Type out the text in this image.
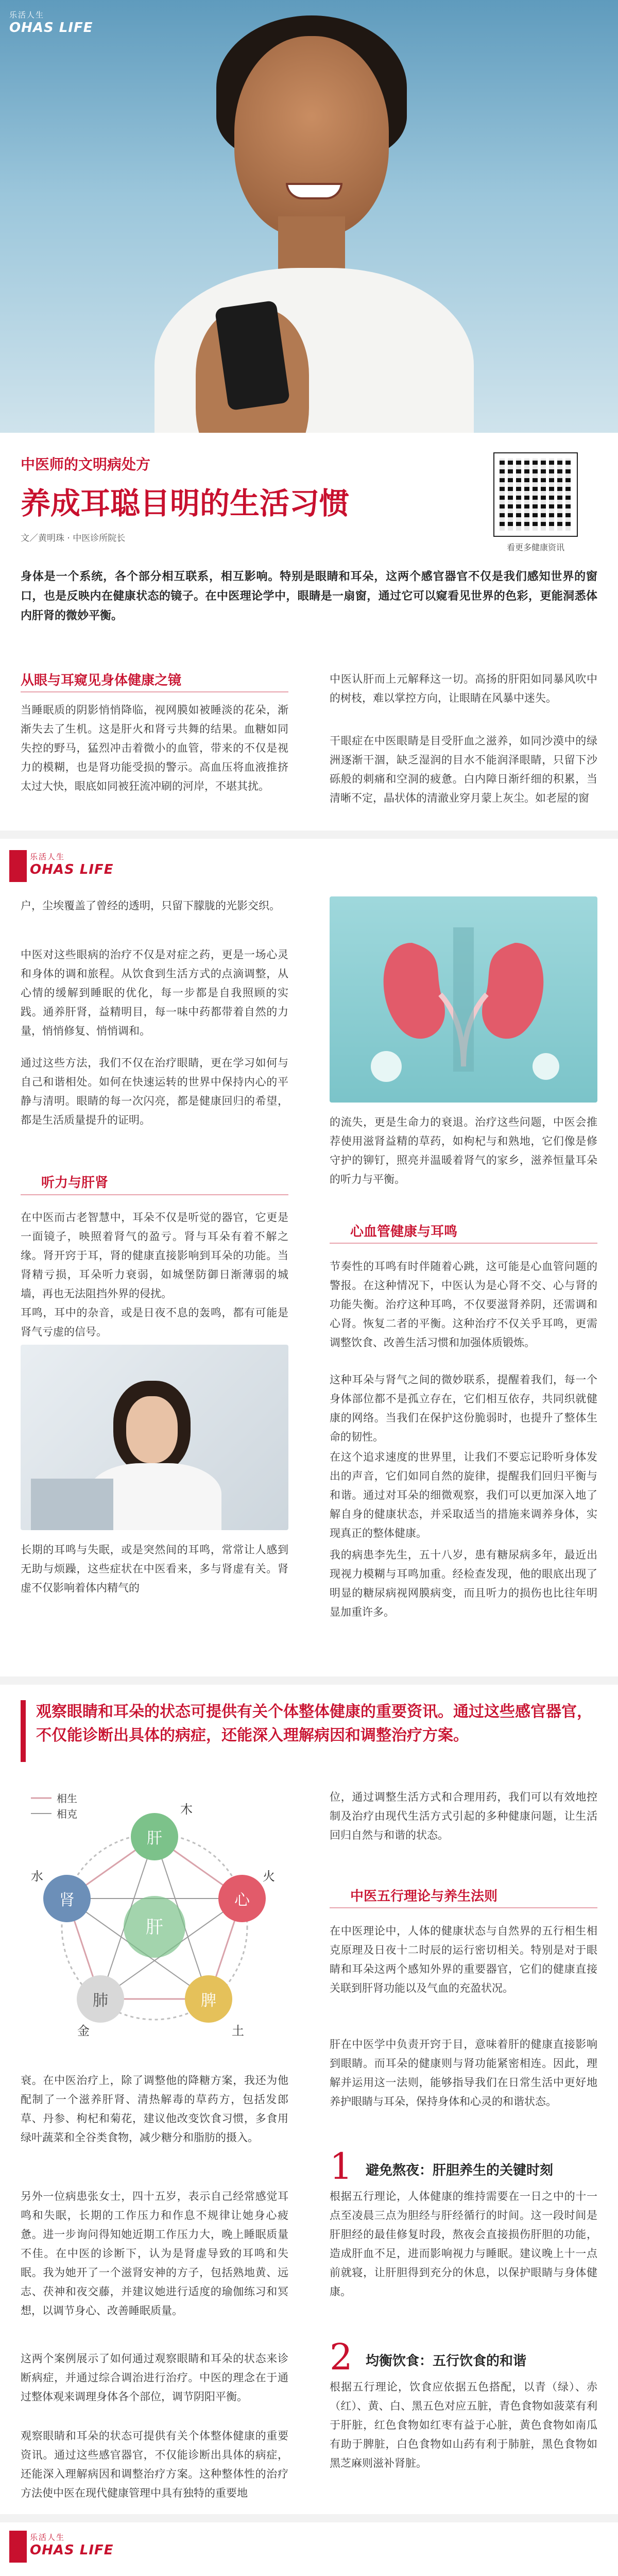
乐活人生
OHAS LIFE
中医师的文明病处方
养成耳聪目明的生活习惯
文／黄明珠 · 中医诊所院长
看更多健康资讯
身体是一个系统，各个部分相互联系，相互影响。特别是眼睛和耳朵，这两个感官器官不仅是我们感知世界的窗口，也是反映内在健康状态的镜子。在中医理论学中，眼睛是一扇窗，通过它可以窥看见世界的色彩，更能洞悉体内肝肾的微妙平衡。
从眼与耳窥见身体健康之镜
当睡眠质的阴影悄悄降临，视网膜如被睡淡的花朵，渐渐失去了生机。这是肝火和肾亏共舞的结果。血糖如同失控的野马，猛烈冲击着微小的血管，带来的不仅是视力的模糊，也是肾功能受损的警示。高血压将血液推挤太过大快，眼底如同被狂流冲刷的河岸，不堪其扰。
中医认肝而上元解释这一切。高扬的肝阳如同暴风吹中的树枝，难以掌控方向，让眼睛在风暴中迷失。
干眼症在中医眼睛是目受肝血之滋养，如同沙漠中的绿洲逐渐干涸，缺乏湿润的目水不能润泽眼睛，只留下沙砾般的刺痛和空洞的疲惫。白内障日渐纤细的积累，当清晰不定，晶状体的清澈业穿月蒙上灰尘。如老屋的窗
乐活人生
OHAS LIFE
户，尘埃覆盖了曾经的透明，只留下朦胧的光影交织。
中医对这些眼病的治疗不仅是对症之药，更是一场心灵和身体的调和旅程。从饮食到生活方式的点滴调整，从心情的缓解到睡眠的优化，每一步都是自我照顾的实践。通养肝肾，益精明目，每一味中药都带着自然的力量，悄悄修复、悄悄调和。
通过这些方法，我们不仅在治疗眼睛，更在学习如何与自己和谐相处。如何在快速运转的世界中保持内心的平静与清明。眼睛的每一次闪亮，都是健康回归的希望，都是生活质量提升的证明。
听力与肝肾
在中医而古老智慧中，耳朵不仅是听觉的器官，它更是一面镜子，映照着肾气的盈亏。肾与耳朵有着不解之缘。肾开窍于耳，肾的健康直接影响到耳朵的功能。当肾精亏损，耳朵听力衰弱，如城堡防御日渐薄弱的城墙，再也无法阻挡外界的侵扰。
耳鸣，耳中的杂音，或是日夜不息的轰鸣，都有可能是肾气亏虚的信号。
长期的耳鸣与失眠，或是突然间的耳鸣，常常让人感到无助与烦躁，这些症状在中医看来，多与肾虚有关。肾虚不仅影响着体内精气的
的流失，更是生命力的衰退。治疗这些问题，中医会推荐使用滋肾益精的草药，如枸杞与和熟地，它们像是修守护的铆钉，照亮并温暖着肾气的家乡，滋养恒量耳朵的听力与平衡。
心血管健康与耳鸣
节奏性的耳鸣有时伴随着心跳，这可能是心血管问题的警报。在这种情况下，中医认为是心肾不交、心与肾的功能失衡。治疗这种耳鸣，不仅要滋肾养阴，还需调和心肾。恢复二者的平衡。这种治疗不仅关乎耳鸣，更需调整饮食、改善生活习惯和加强体质锻炼。
这种耳朵与肾气之间的微妙联系，提醒着我们，每一个身体部位都不是孤立存在，它们相互依存，共同织就健康的网络。当我们在保护这份脆弱时，也提升了整体生命的韧性。
在这个追求速度的世界里，让我们不要忘记聆听身体发出的声音，它们如同自然的旋律，提醒我们回归平衡与和谐。通过对耳朵的细微观察，我们可以更加深入地了解自身的健康状态，并采取适当的措施来调养身体，实现真正的整体健康。
我的病患李先生，五十八岁，患有糖尿病多年，最近出现视力模糊与耳鸣加重。经检查发现，他的眼底出现了明显的糖尿病视网膜病变，而且听力的损伤也比往年明显加重许多。
观察眼睛和耳朵的状态可提供有关个体整体健康的重要资讯。通过这些感官器官，不仅能诊断出具体的病症，还能深入理解病因和调整治疗方案。
肝
肝
心
脾
肺
肾
木
火
土
金
水
相生
相克
衰。在中医治疗上，除了调整他的降糖方案，我还为他配制了一个滋养肝肾、清热解毒的草药方，包括发郎草、丹参、枸杞和菊花，建议他改变饮食习惯，多食用绿叶蔬菜和全谷类食物，减少糖分和脂肪的摄入。
另外一位病患张女士，四十五岁，表示自己经常感觉耳鸣和失眠，长期的工作压力和作息不规律让她身心疲惫。进一步询问得知她近期工作压力大，晚上睡眠质量不佳。在中医的诊断下，认为是肾虚导致的耳鸣和失眠。我为她开了一个滋肾安神的方子，包括熟地黄、远志、茯神和夜交藤，并建议她进行适度的瑜伽练习和冥想，以调节身心、改善睡眠质量。
这两个案例展示了如何通过观察眼睛和耳朵的状态来诊断病症，并通过综合调治进行治疗。中医的理念在于通过整体观来调理身体各个部位，调节阴阳平衡。
观察眼睛和耳朵的状态可提供有关个体整体健康的重要资讯。通过这些感官器官，不仅能诊断出具体的病症，还能深入理解病因和调整治疗方案。这种整体性的治疗方法使中医在现代健康管理中具有独特的重要地
位，通过调整生活方式和合理用药，我们可以有效地控制及治疗由现代生活方式引起的多种健康问题，让生活回归自然与和谐的状态。
中医五行理论与养生法则
在中医理论中，人体的健康状态与自然界的五行相生相克原理及日夜十二时辰的运行密切相关。特别是对于眼睛和耳朵这两个感知外界的重要器官，它们的健康直接关联到肝肾功能以及气血的充盈状况。
肝在中医学中负责开窍于目，意味着肝的健康直接影响到眼睛。而耳朵的健康则与肾功能紧密相连。因此，理解并运用这一法则，能够指导我们在日常生活中更好地养护眼睛与耳朵，保持身体和心灵的和谐状态。
1 避免熬夜：肝胆养生的关键时刻
根据五行理论，人体健康的维持需要在一日之中的十一点至凌晨三点为胆经与肝经循行的时间。这一段时间是肝胆经的最佳修复时段，熬夜会直接损伤肝胆的功能，造成肝血不足，进而影响视力与睡眠。建议晚上十一点前就寝，让肝胆得到充分的休息，以保护眼睛与身体健康。
2 均衡饮食：五行饮食的和谐
根据五行理论，饮食应依据五色搭配，以青（绿）、赤（红）、黄、白、黑五色对应五脏，青色食物如菠菜有利于肝脏，红色食物如红枣有益于心脏，黄色食物如南瓜有助于脾脏，白色食物如山药有利于肺脏，黑色食物如黑芝麻则滋补肾脏。
乐活人生
OHAS LIFE
